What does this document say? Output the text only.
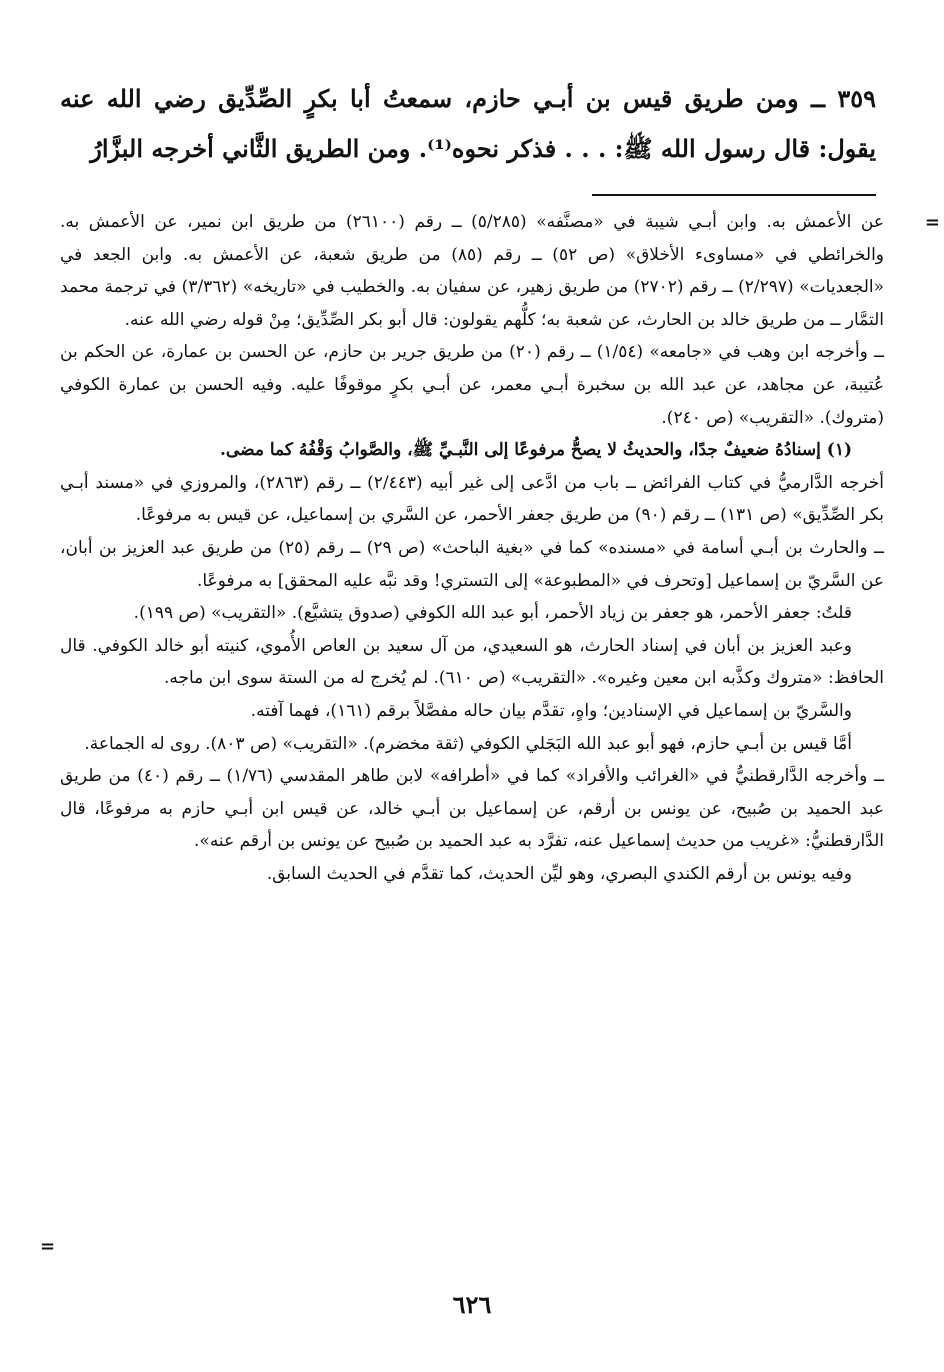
٣٥٩ ــ ومن طريق قيس بن أبـي حازم، سمعتُ أبا بكرٍ الصِّدِّيق رضي الله عنه يقول: قال رسول الله ﷺ: . . . فذكر نحوه⁽¹⁾. ومن الطريق الثَّاني أخرجه البزَّارُ
=

عن الأعمش به. وابن أبـي شيبة في «مصنَّفه» (٥/٢٨٥) ــ رقم (٢٦١٠٠) من طريق ابن نمير، عن الأعمش به. والخرائطي في «مساوىء الأخلاق» (ص ٥٢) ــ رقم (٨٥) من طريق شعبة، عن الأعمش به. وابن الجعد في «الجعديات» (٢/٢٩٧) ــ رقم (٢٧٠٢) من طريق زهير، عن سفيان به. والخطيب في «تاريخه» (٣/٣٦٢) في ترجمة محمد التمَّار ــ من طريق خالد بن الحارث، عن شعبة به؛ كلُّهم يقولون: قال أبو بكر الصِّدِّيق؛ مِنْ قوله رضي الله عنه.

ــ وأخرجه ابن وهب في «جامعه» (١/٥٤) ــ رقم (٢٠) من طريق جرير بن حازم، عن الحسن بن عمارة، عن الحكم بن عُتيبة، عن مجاهد، عن عبد الله بن سخبرة أبـي معمر، عن أبـي بكرٍ موقوفًا عليه. وفيه الحسن بن عمارة الكوفي (متروك). «التقريب» (ص ٢٤٠).

(١) إسنادُهُ ضعيفٌ جدًا، والحديثُ لا يصحُّ مرفوعًا إلى النَّبـيِّ ﷺ، والصَّوابُ وَقْفُهُ كما مضى.

أخرجه الدَّارميُّ في كتاب الفرائض ــ باب من ادَّعى إلى غير أبيه (٢/٤٤٣) ــ رقم (٢٨٦٣)، والمروزي في «مسند أبـي بكر الصِّدِّيق» (ص ١٣١) ــ رقم (٩٠) من طريق جعفر الأحمر، عن السَّري بن إسماعيل، عن قيس به مرفوعًا.

ــ والحارث بن أبـي أسامة في «مسنده» كما في «بغية الباحث» (ص ٢٩) ــ رقم (٢٥) من طريق عبد العزيز بن أبان، عن السَّريّ بن إسماعيل [وتحرف في «المطبوعة» إلى التستري! وقد نبَّه عليه المحقق] به مرفوعًا.

قلتُ: جعفر الأحمر، هو جعفر بن زياد الأحمر، أبو عبد الله الكوفي (صدوق يتشيَّع). «التقريب» (ص ١٩٩).

وعبد العزيز بن أبان في إسناد الحارث، هو السعيدي، من آل سعيد بن العاص الأُموي، كنيته أبو خالد الكوفي. قال الحافظ: «متروك وكذَّبه ابن معين وغيره». «التقريب» (ص ٦١٠). لم يُخرج له من الستة سوى ابن ماجه.

والسَّريّ بن إسماعيل في الإسنادين؛ واهٍ، تقدَّم بيان حاله مفصَّلاً برقم (١٦١)، فهما آفته.

أمَّا قيس بن أبـي حازم، فهو أبو عبد الله البَجَلي الكوفي (ثقة مخضرم). «التقريب» (ص ٨٠٣). روى له الجماعة.

ــ وأخرجه الدَّارقطنيُّ في «الغرائب والأفراد» كما في «أطرافه» لابن طاهر المقدسي (١/٧٦) ــ رقم (٤٠) من طريق عبد الحميد بن صُبيح، عن يونس بن أرقم، عن إسماعيل بن أبـي خالد، عن قيس ابن أبـي حازم به مرفوعًا، قال الدَّارقطنيُّ: «غريب من حديث إسماعيل عنه، تفرَّد به عبد الحميد بن صُبيح عن يونس بن أرقم عنه».

وفيه يونس بن أرقم الكندي البصري، وهو ليِّن الحديث، كما تقدَّم في الحديث السابق.

=
٦٢٦
